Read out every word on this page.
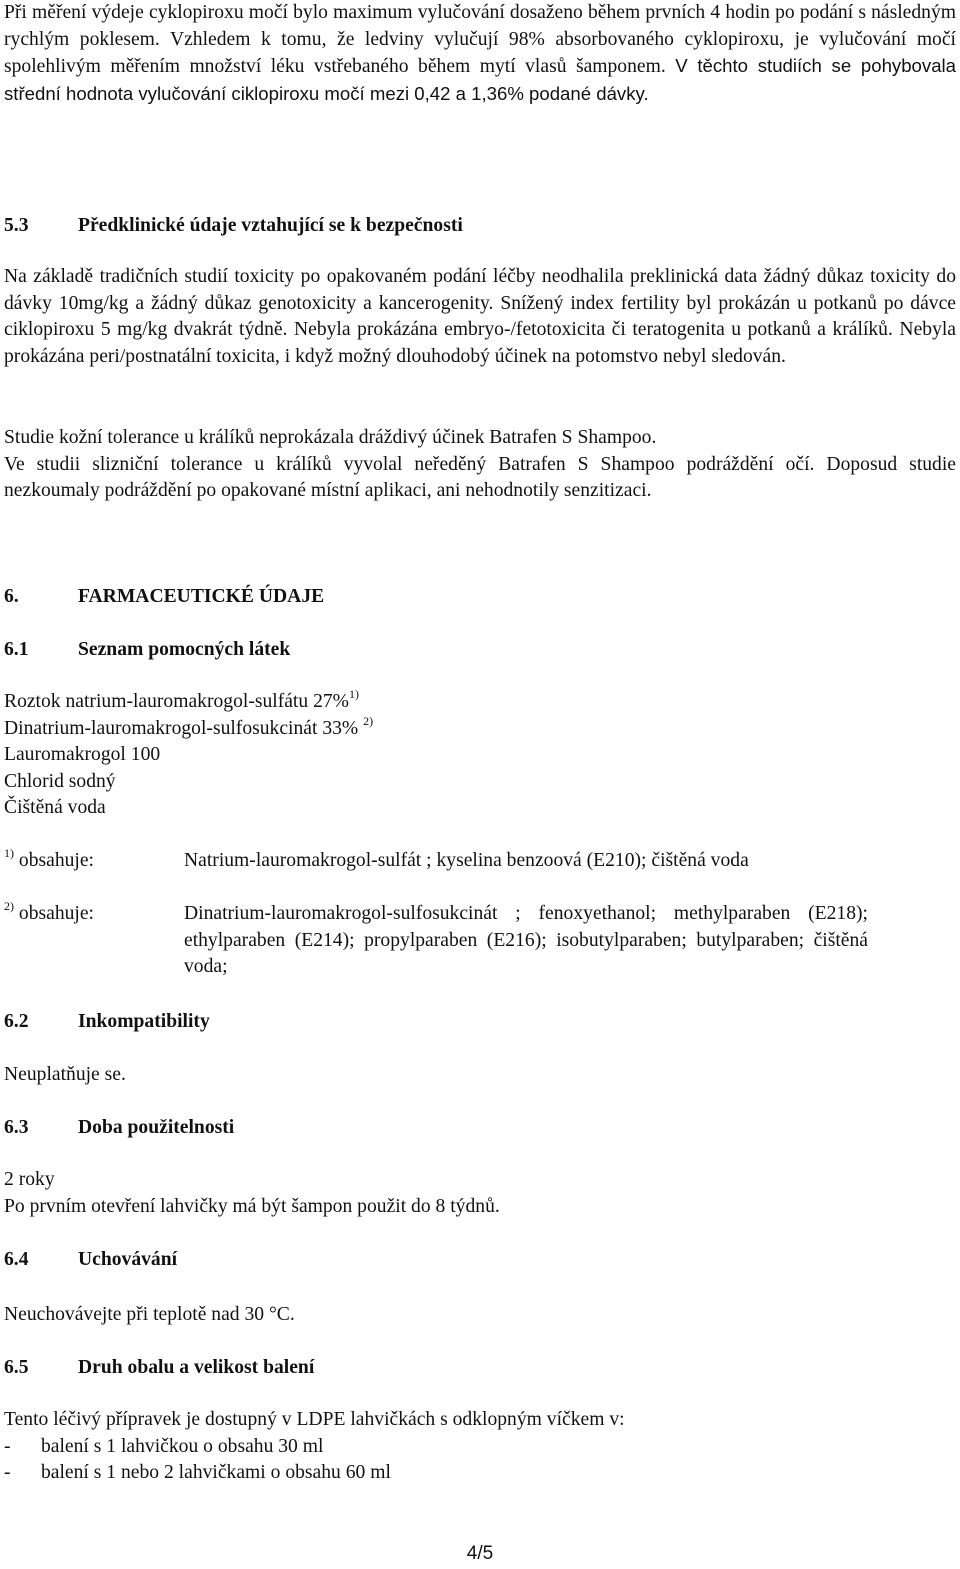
Při měření výdeje cyklopiroxu močí bylo maximum vylučování dosaženo během prvních 4 hodin po podání s následným rychlým poklesem. Vzhledem k tomu, že ledviny vylučují 98% absorbovaného cyklopiroxu, je vylučování močí spolehlivým měřením množství léku vstřebaného během mytí vlasů šamponem. V těchto studiích se pohybovala střední hodnota vylučování ciklopiroxu močí mezi 0,42 a 1,36% podané dávky.
5.3	Předklinické údaje vztahující se k bezpečnosti
Na základě tradičních studií toxicity po opakovaném podání léčby neodhalila preklinická data žádný důkaz toxicity do dávky 10mg/kg a žádný důkaz genotoxicity a kancerogenity. Snížený index fertility byl prokázán u potkanů po dávce ciklopiroxu 5 mg/kg dvakrát týdně. Nebyla prokázána embryo-/fetotoxicita či teratogenita u potkanů a králíků. Nebyla prokázána peri/postnatální toxicita, i když možný dlouhodobý účinek na potomstvo nebyl sledován.
Studie kožní tolerance u králíků neprokázala dráždivý účinek Batrafen S Shampoo.
Ve studii slizniční tolerance u králíků vyvolal neředěný Batrafen S Shampoo podráždění očí. Doposud studie nezkoumaly podráždění po opakované místní aplikaci, ani nehodnotily senzitizaci.
6.	FARMACEUTICKÉ ÚDAJE
6.1	Seznam pomocných látek
Roztok natrium-lauromakrogol-sulfátu 27%$^{1)}$
Dinatrium-lauromakrogol-sulfosukcinát 33% $^{2)}$
Lauromakrogol 100
Chlorid sodný
Čištěná voda
$^{1)}$ obsahuje:	Natrium-lauromakrogol-sulfát ; kyselina benzoová (E210); čištěná voda
$^{2)}$ obsahuje:	Dinatrium-lauromakrogol-sulfosukcinát ; fenoxyethanol; methylparaben (E218); ethylparaben (E214); propylparaben (E216); isobutylparaben; butylparaben; čištěná voda;
6.2	Inkompatibility
Neuplatňuje se.
6.3	Doba použitelnosti
2 roky
Po prvním otevření lahvičky má být šampon použit do 8 týdnů.
6.4	Uchovávání
Neuchovávejte při teplotě nad 30 °C.
6.5	Druh obalu a velikost balení
Tento léčivý přípravek je dostupný v LDPE lahvičkách s odklopným víčkem v:
- balení s 1 lahvičkou o obsahu 30 ml
- balení s 1 nebo 2 lahvičkami o obsahu 60 ml
4/5
